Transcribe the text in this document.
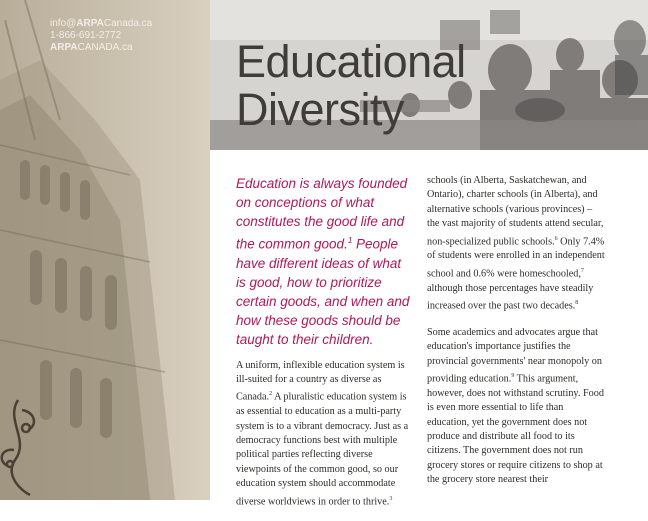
info@ARPACanada.ca
1-866-691-2772
ARPACANADA.ca	Educational
Diversity

Education is always founded on conceptions of what constitutes the good life and the common good.$^1$ People have different ideas of what is good, how to prioritize certain goods, and when and how these goods should be taught to their children.

A uniform, inflexible education system is ill-suited for a country as diverse as Canada.$^2$ A pluralistic education system is as essential to education as a multi-party system is to a vibrant democracy. Just as a democracy functions best with multiple political parties reflecting diverse viewpoints of the common good, so our education system should accommodate diverse worldviews in order to thrive.$^3$

schools (in Alberta, Saskatchewan, and Ontario), charter schools (in Alberta), and alternative schools (various provinces) – the vast majority of students attend secular, non-specialized public schools.$^6$ Only 7.4% of students were enrolled in an independent school and 0.6% were homeschooled,$^7$ although those percentages have steadily increased over the past two decades.$^8$

Some academics and advocates argue that education's importance justifies the provincial governments' near monopoly on providing education.$^9$ This argument, however, does not withstand scrutiny. Food is even more essential to life than education, yet the government does not produce and distribute all food to its citizens. The government does not run grocery stores or require citizens to shop at the grocery store nearest their
